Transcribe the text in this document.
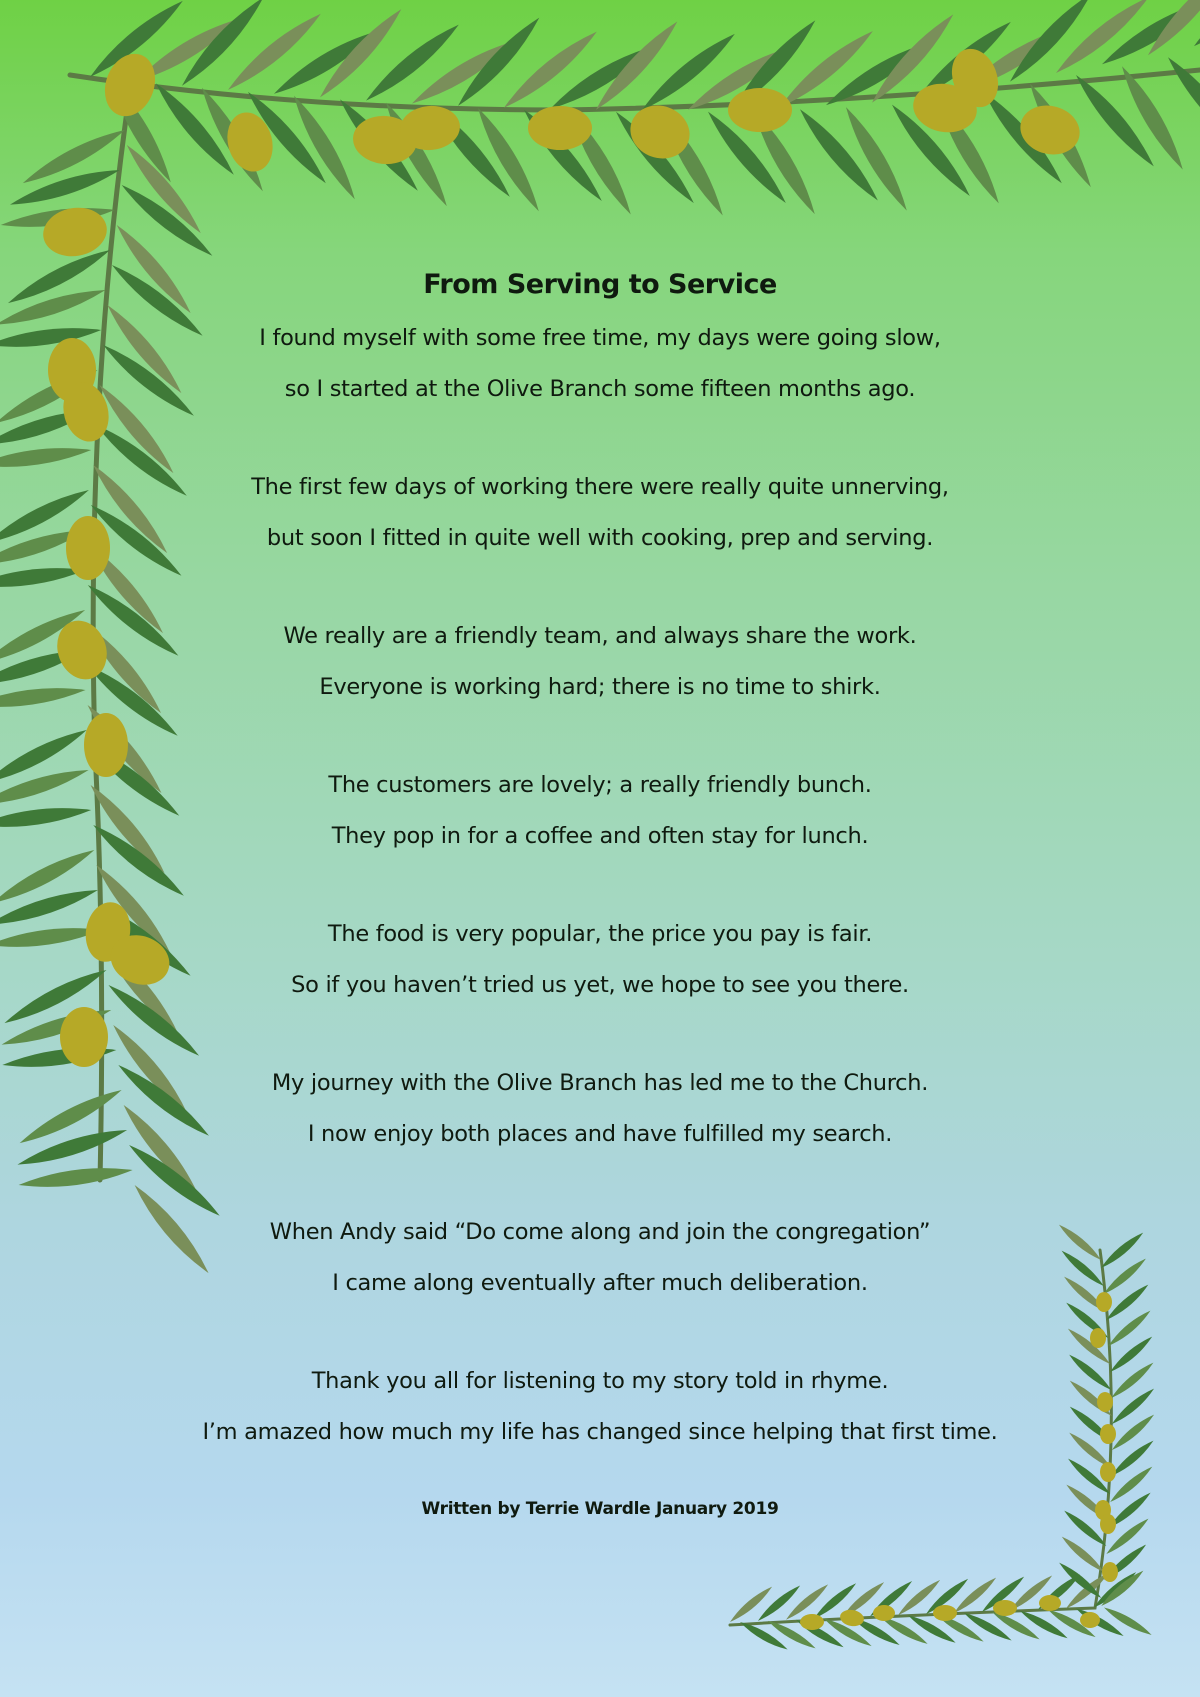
From Serving to Service
I found myself with some free time, my days were going slow,
so I started at the Olive Branch some fifteen months ago.
The first few days of working there were really quite unnerving,
but soon I fitted in quite well with cooking, prep and serving.
We really are a friendly team, and always share the work.
Everyone is working hard; there is no time to shirk.
The customers are lovely; a really friendly bunch.
They pop in for a coffee and often stay for lunch.
The food is very popular, the price you pay is fair.
So if you haven’t tried us yet, we hope to see you there.
My journey with the Olive Branch has led me to the Church.
I now enjoy both places and have fulfilled my search.
When Andy said “Do come along and join the congregation”
I came along eventually after much deliberation.
Thank you all for listening to my story told in rhyme.
I’m amazed how much my life has changed since helping that first time.
Written by Terrie Wardle January 2019
